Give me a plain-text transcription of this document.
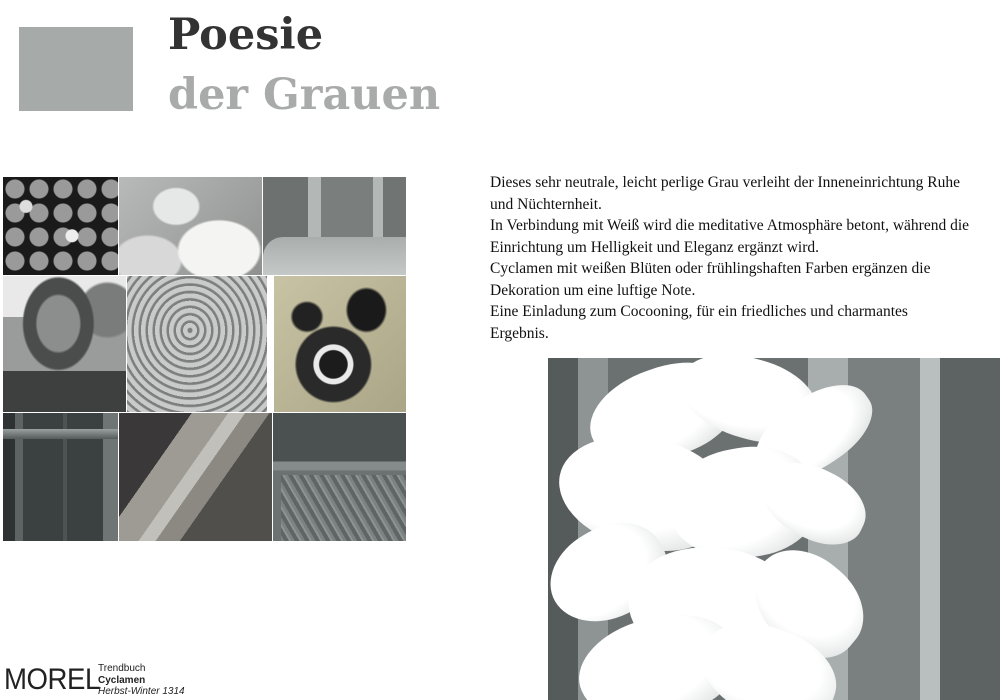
Poesie
der Grauen

Dieses sehr neutrale, leicht perlige Grau verleiht der Inneneinrichtung Ruhe und Nüchternheit.

In Verbindung mit Weiß wird die meditative Atmosphäre betont, während die Einrichtung um Helligkeit und Eleganz ergänzt wird.

Cyclamen mit weißen Blüten oder frühlingshaften Farben ergänzen die Dekoration um eine luftige Note.

Eine Einladung zum Cocooning, für ein friedliches und charmantes Ergebnis.

MOREL

Trendbuch
Cyclamen
Herbst-Winter 1314
